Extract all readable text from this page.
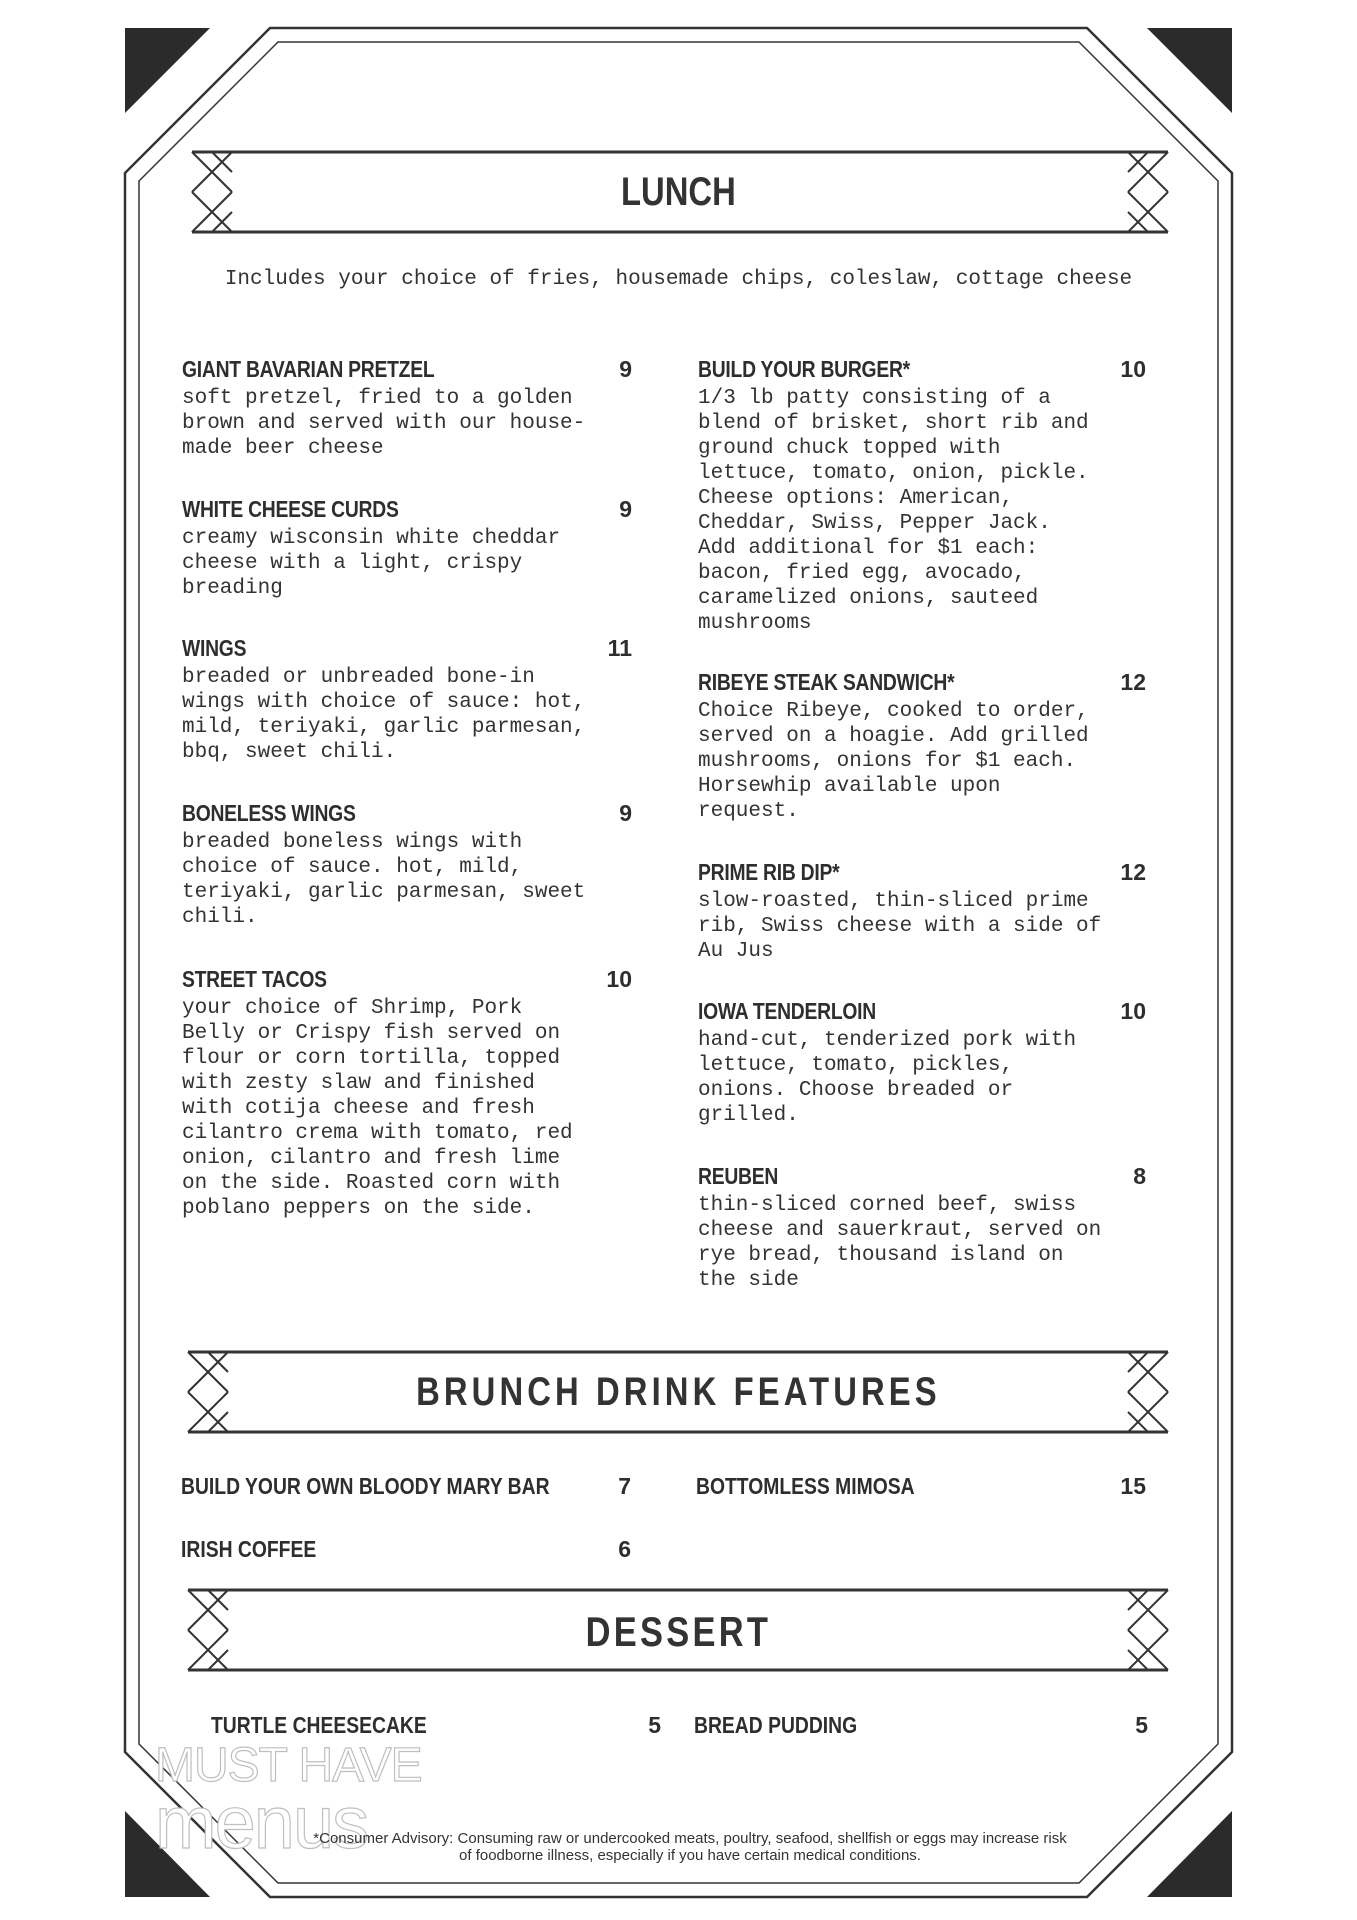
LUNCH
Includes your choice of fries, housemade chips, coleslaw, cottage cheese
GIANT BAVARIAN PRETZEL	9

soft pretzel, fried to a golden
brown and served with our house-
made beer cheese

WHITE CHEESE CURDS	9

creamy wisconsin white cheddar
cheese with a light, crispy
breading

WINGS	11

breaded or unbreaded bone-in
wings with choice of sauce: hot,
mild, teriyaki, garlic parmesan,
bbq, sweet chili.

BONELESS WINGS	9

breaded boneless wings with
choice of sauce. hot, mild,
teriyaki, garlic parmesan, sweet
chili.

STREET TACOS	10

your choice of Shrimp, Pork
Belly or Crispy fish served on
flour or corn tortilla, topped
with zesty slaw and finished
with cotija cheese and fresh
cilantro crema with tomato, red
onion, cilantro and fresh lime
on the side. Roasted corn with
poblano peppers on the side.

BUILD YOUR BURGER*	10

1/3 lb patty consisting of a
blend of brisket, short rib and
ground chuck topped with
lettuce, tomato, onion, pickle.
Cheese options: American,
Cheddar, Swiss, Pepper Jack.
Add additional for $1 each:
bacon, fried egg, avocado,
caramelized onions, sauteed
mushrooms

RIBEYE STEAK SANDWICH*	12

Choice Ribeye, cooked to order,
served on a hoagie. Add grilled
mushrooms, onions for $1 each.
Horsewhip available upon
request.

PRIME RIB DIP*	12

slow-roasted, thin-sliced prime
rib, Swiss cheese with a side of
Au Jus

IOWA TENDERLOIN	10

hand-cut, tenderized pork with
lettuce, tomato, pickles,
onions. Choose breaded or
grilled.

REUBEN	8

thin-sliced corned beef, swiss
cheese and sauerkraut, served on
rye bread, thousand island on
the side

BRUNCH DRINK FEATURES
BUILD YOUR OWN BLOODY MARY BAR	7	BOTTOMLESS MIMOSA	15
IRISH COFFEE	6
DESSERT
TURTLE CHEESECAKE	5 BREAD PUDDING	5
MUST HAVE
menus
*Consumer Advisory: Consuming raw or undercooked meats, poultry, seafood, shellfish or eggs may increase risk of foodborne illness, especially if you have certain medical conditions.
